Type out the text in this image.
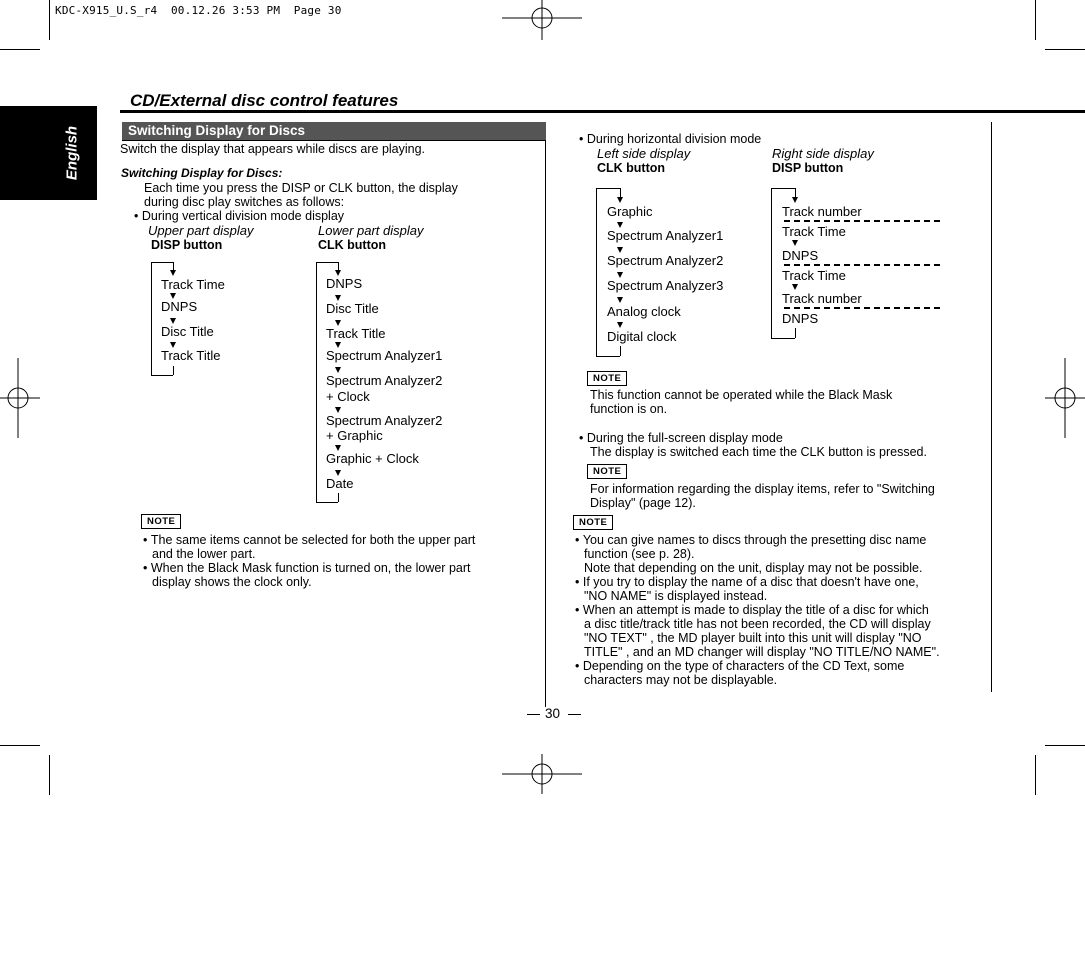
KDC-X915_U.S_r4  00.12.26 3:53 PM  Page 30
English
CD/External disc control features
Switching Display for Discs
Switch the display that appears while discs are playing.
Switching Display for Discs:
Each time you press the DISP or CLK button, the display
during disc play switches as follows:
• During vertical division mode display
Upper part display
DISP button
Lower part display
CLK button
Track Time
DNPS
Disc Title
Track Title
DNPS
Disc Title
Track Title
Spectrum Analyzer1
Spectrum Analyzer2
+ Clock
Spectrum Analyzer2
+ Graphic
Graphic + Clock
Date
NOTE
• The same items cannot be selected for both the upper part
and the lower part.
• When the Black Mask function is turned on, the lower part
display shows the clock only.
• During horizontal division mode
Left side display
CLK button
Right side display
DISP button
Graphic
Spectrum Analyzer1
Spectrum Analyzer2
Spectrum Analyzer3
Analog clock
Digital clock
Track number
Track Time
DNPS
Track Time
Track number
DNPS
NOTE
This function cannot be operated while the Black Mask
function is on.
• During the full-screen display mode
The display is switched each time the CLK button is pressed.
NOTE
For information regarding the display items, refer to "Switching
Display" (page 12).
NOTE
• You can give names to discs through the presetting disc name
function (see p. 28).
Note that depending on the unit, display may not be possible.
• If you try to display the name of a disc that doesn't have one,
"NO NAME" is displayed instead.
• When an attempt is made to display the title of a disc for which
a disc title/track title has not been recorded, the CD will display
"NO TEXT" , the MD player built into this unit will display "NO
TITLE" , and an MD changer will display "NO TITLE/NO NAME".
• Depending on the type of characters of the CD Text, some
characters may not be displayable.
30
